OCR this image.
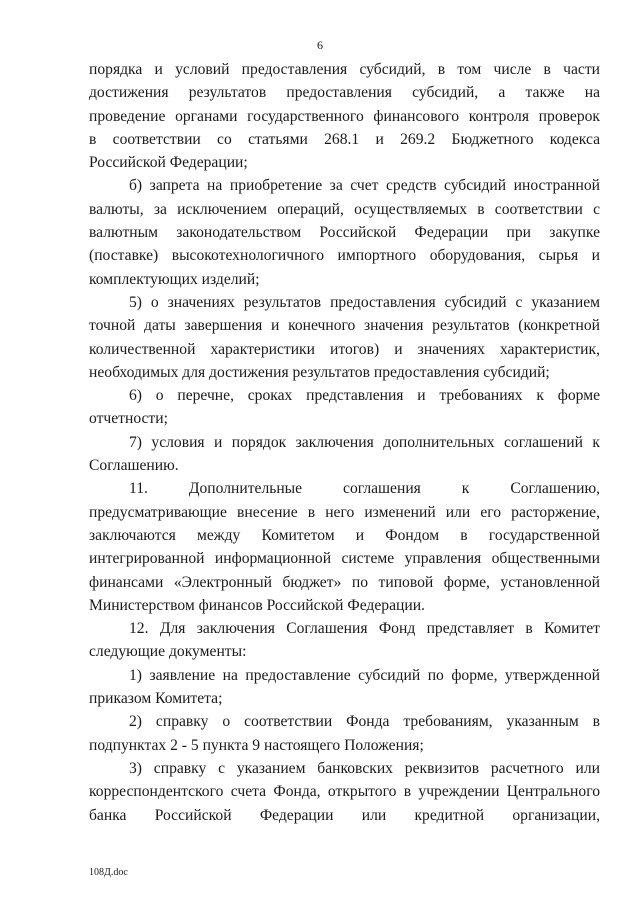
6
порядка и условий предоставления субсидий, в том числе в части
достижения результатов предоставления субсидий, а также на
проведение органами государственного финансового контроля проверок
в соответствии со статьями 268.1 и 269.2 Бюджетного кодекса
Российской Федерации;
б) запрета на приобретение за счет средств субсидий иностранной
валюты, за исключением операций, осуществляемых в соответствии с
валютным законодательством Российской Федерации при закупке
(поставке) высокотехнологичного импортного оборудования, сырья и
комплектующих изделий;
5) о значениях результатов предоставления субсидий с указанием
точной даты завершения и конечного значения результатов (конкретной
количественной характеристики итогов) и значениях характеристик,
необходимых для достижения результатов предоставления субсидий;
6) о перечне, сроках представления и требованиях к форме
отчетности;
7) условия и порядок заключения дополнительных соглашений к
Соглашению.
11. Дополнительные соглашения к Соглашению,
предусматривающие внесение в него изменений или его расторжение,
заключаются между Комитетом и Фондом в государственной
интегрированной информационной системе управления общественными
финансами «Электронный бюджет» по типовой форме, установленной
Министерством финансов Российской Федерации.
12. Для заключения Соглашения Фонд представляет в Комитет
следующие документы:
1) заявление на предоставление субсидий по форме, утвержденной
приказом Комитета;
2) справку о соответствии Фонда требованиям, указанным в
подпунктах 2 - 5 пункта 9 настоящего Положения;
3) справку с указанием банковских реквизитов расчетного или
корреспондентского счета Фонда, открытого в учреждении Центрального
банка Российской Федерации или кредитной организации,
108Д.doc
